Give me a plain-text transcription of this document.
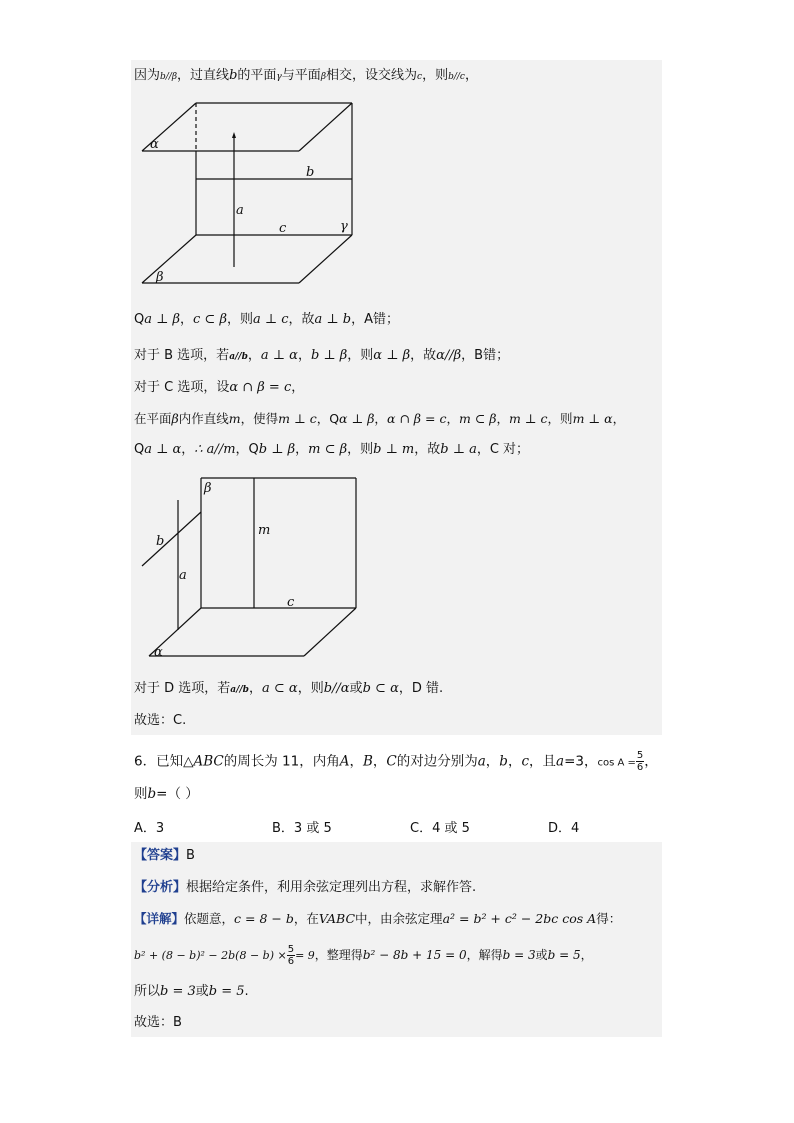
因为b//β，过直线b的平面γ与平面β相交，设交线为c，则b//c，
α
b
a
c	γ
β
Qa ⊥ β，c ⊂ β，则a ⊥ c，故a ⊥ b，A错；
对于 B 选项，若a//b，a ⊥ α，b ⊥ β，则α ⊥ β，故α//β，B错；
对于 C 选项，设α ∩ β = c，
在平面β内作直线m，使得m ⊥ c，Qα ⊥ β，α ∩ β = c，m ⊂ β，m ⊥ c，则m ⊥ α，
Qa ⊥ α，∴ a//m，Qb ⊥ β，m ⊂ β，则b ⊥ m，故b ⊥ a，C 对；
β
m
b
a
c
α
对于 D 选项，若a//b，a ⊂ α，则b//α或b ⊂ α，D 错.
故选：C.
6．已知△ABC的周长为 11，内角A，B，C的对边分别为a，b，c，且a=3，$\cos A = \frac{5}{6}$ ，
则b=（ ）
A．3	B．3 或 5	C．4 或 5	D．4
【答案】B
【分析】根据给定条件，利用余弦定理列出方程，求解作答.
【详解】依题意，c = 8 − b，在VABC中，由余弦定理a² = b² + c² − 2bc cos A得：
$b^2 + (8 - b)^2 - 2b(8 - b) \times \frac{5}{6} = 9$，整理得b² − 8b + 15 = 0，解得b = 3或b = 5，
所以b = 3或b = 5.
故选：B
